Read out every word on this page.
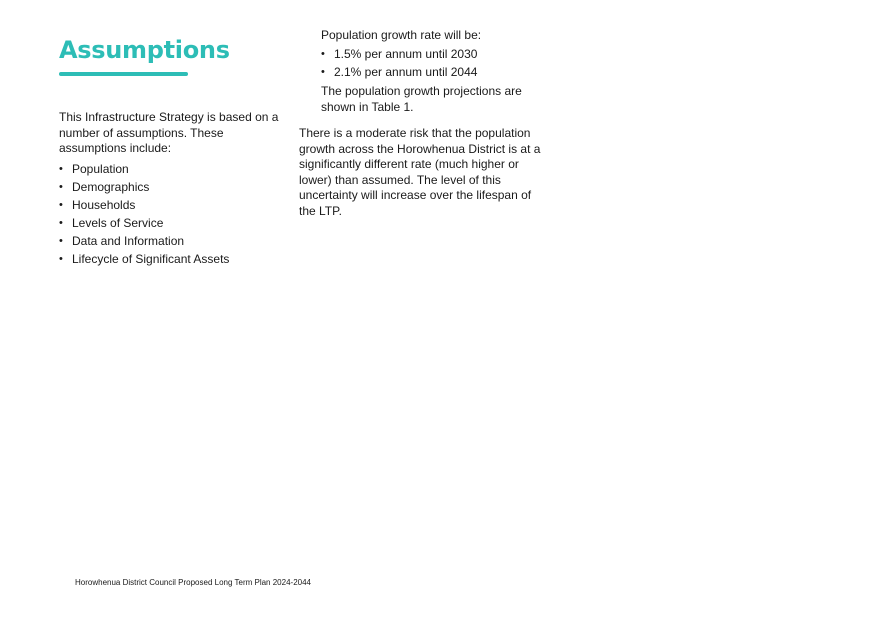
Assumptions

This Infrastructure Strategy is based on a number of assumptions. These assumptions include:

• Population
• Demographics
• Households
• Levels of Service
• Data and Information
• Lifecycle of Significant Assets

Population growth rate will be:

• 1.5% per annum until 2030
• 2.1% per annum until 2044

The population growth projections are shown in Table 1.

There is a moderate risk that the population growth across the Horowhenua District is at a significantly different rate (much higher or lower) than assumed. The level of this uncertainty will increase over the lifespan of the LTP.

Horowhenua District Council Proposed Long Term Plan 2024-2044
